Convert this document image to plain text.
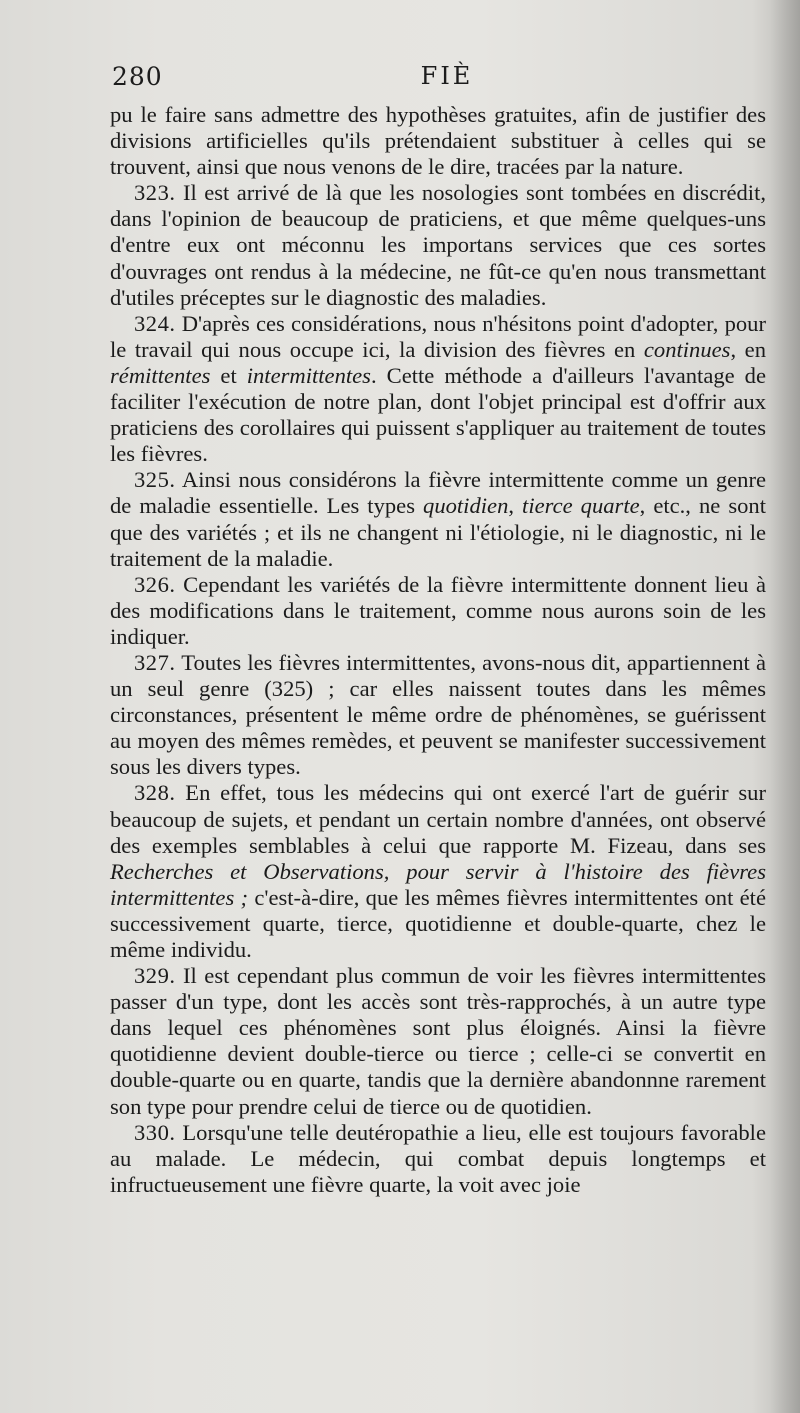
280	FIÈ

pu le faire sans admettre des hypothèses gratuites, afin de justifier des divisions artificielles qu'ils prétendaient substituer à celles qui se trouvent, ainsi que nous venons de le dire, tracées par la nature.

323. Il est arrivé de là que les nosologies sont tombées en discrédit, dans l'opinion de beaucoup de praticiens, et que même quelques-uns d'entre eux ont méconnu les importans services que ces sortes d'ouvrages ont rendus à la médecine, ne fût-ce qu'en nous transmettant d'utiles préceptes sur le diagnostic des maladies.

324. D'après ces considérations, nous n'hésitons point d'adopter, pour le travail qui nous occupe ici, la division des fièvres en continues, en rémittentes et intermittentes. Cette méthode a d'ailleurs l'avantage de faciliter l'exécution de notre plan, dont l'objet principal est d'offrir aux praticiens des corollaires qui puissent s'appliquer au traitement de toutes les fièvres.

325. Ainsi nous considérons la fièvre intermittente comme un genre de maladie essentielle. Les types quotidien, tierce quarte, etc., ne sont que des variétés ; et ils ne changent ni l'étiologie, ni le diagnostic, ni le traitement de la maladie.

326. Cependant les variétés de la fièvre intermittente donnent lieu à des modifications dans le traitement, comme nous aurons soin de les indiquer.

327. Toutes les fièvres intermittentes, avons-nous dit, appartiennent à un seul genre (325) ; car elles naissent toutes dans les mêmes circonstances, présentent le même ordre de phénomènes, se guérissent au moyen des mêmes remèdes, et peuvent se manifester successivement sous les divers types.

328. En effet, tous les médecins qui ont exercé l'art de guérir sur beaucoup de sujets, et pendant un certain nombre d'années, ont observé des exemples semblables à celui que rapporte M. Fizeau, dans ses Recherches et Observations, pour servir à l'histoire des fièvres intermittentes ; c'est-à-dire, que les mêmes fièvres intermittentes ont été successivement quarte, tierce, quotidienne et double-quarte, chez le même individu.

329. Il est cependant plus commun de voir les fièvres intermittentes passer d'un type, dont les accès sont très-rapprochés, à un autre type dans lequel ces phénomènes sont plus éloignés. Ainsi la fièvre quotidienne devient double-tierce ou tierce ; celle-ci se convertit en double-quarte ou en quarte, tandis que la dernière abandonnne rarement son type pour prendre celui de tierce ou de quotidien.

330. Lorsqu'une telle deutéropathie a lieu, elle est toujours favorable au malade. Le médecin, qui combat depuis longtemps et infructueusement une fièvre quarte, la voit avec joie
